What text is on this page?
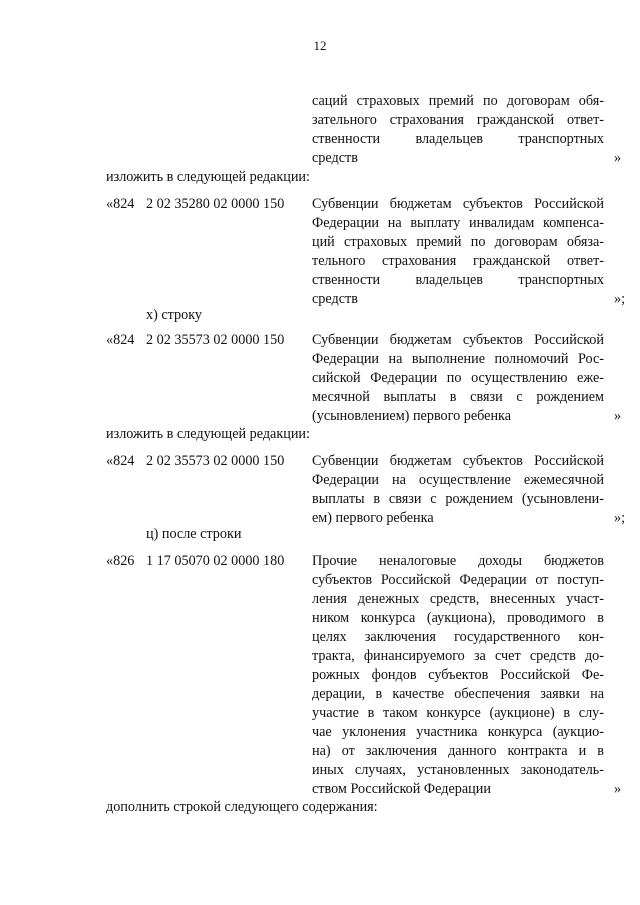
12
саций страховых премий по договорам обя-
зательного страхования гражданской ответ-
ственности владельцев транспортных
средств	»
изложить в следующей редакции:
«824 2 02 35280 02 0000 150 Субвенции бюджетам субъектов Российской
Федерации на выплату инвалидам компенса-
ций страховых премий по договорам обяза-
тельного страхования гражданской ответ-
ственности владельцев транспортных
средств	»;
х) строку
«824 2 02 35573 02 0000 150 Субвенции бюджетам субъектов Российской
Федерации на выполнение полномочий Рос-
сийской Федерации по осуществлению еже-
месячной выплаты в связи с рождением
(усыновлением) первого ребенка	»
изложить в следующей редакции:
«824 2 02 35573 02 0000 150 Субвенции бюджетам субъектов Российской
Федерации на осуществление ежемесячной
выплаты в связи с рождением (усыновлени-
ем) первого ребенка	»;
ц) после строки
«826 1 17 05070 02 0000 180 Прочие неналоговые доходы бюджетов
субъектов Российской Федерации от поступ-
ления денежных средств, внесенных участ-
ником конкурса (аукциона), проводимого в
целях заключения государственного кон-
тракта, финансируемого за счет средств до-
рожных фондов субъектов Российской Фе-
дерации, в качестве обеспечения заявки на
участие в таком конкурсе (аукционе) в слу-
чае уклонения участника конкурса (аукцио-
на) от заключения данного контракта и в
иных случаях, установленных законодатель-
ством Российской Федерации	»
дополнить строкой следующего содержания:
